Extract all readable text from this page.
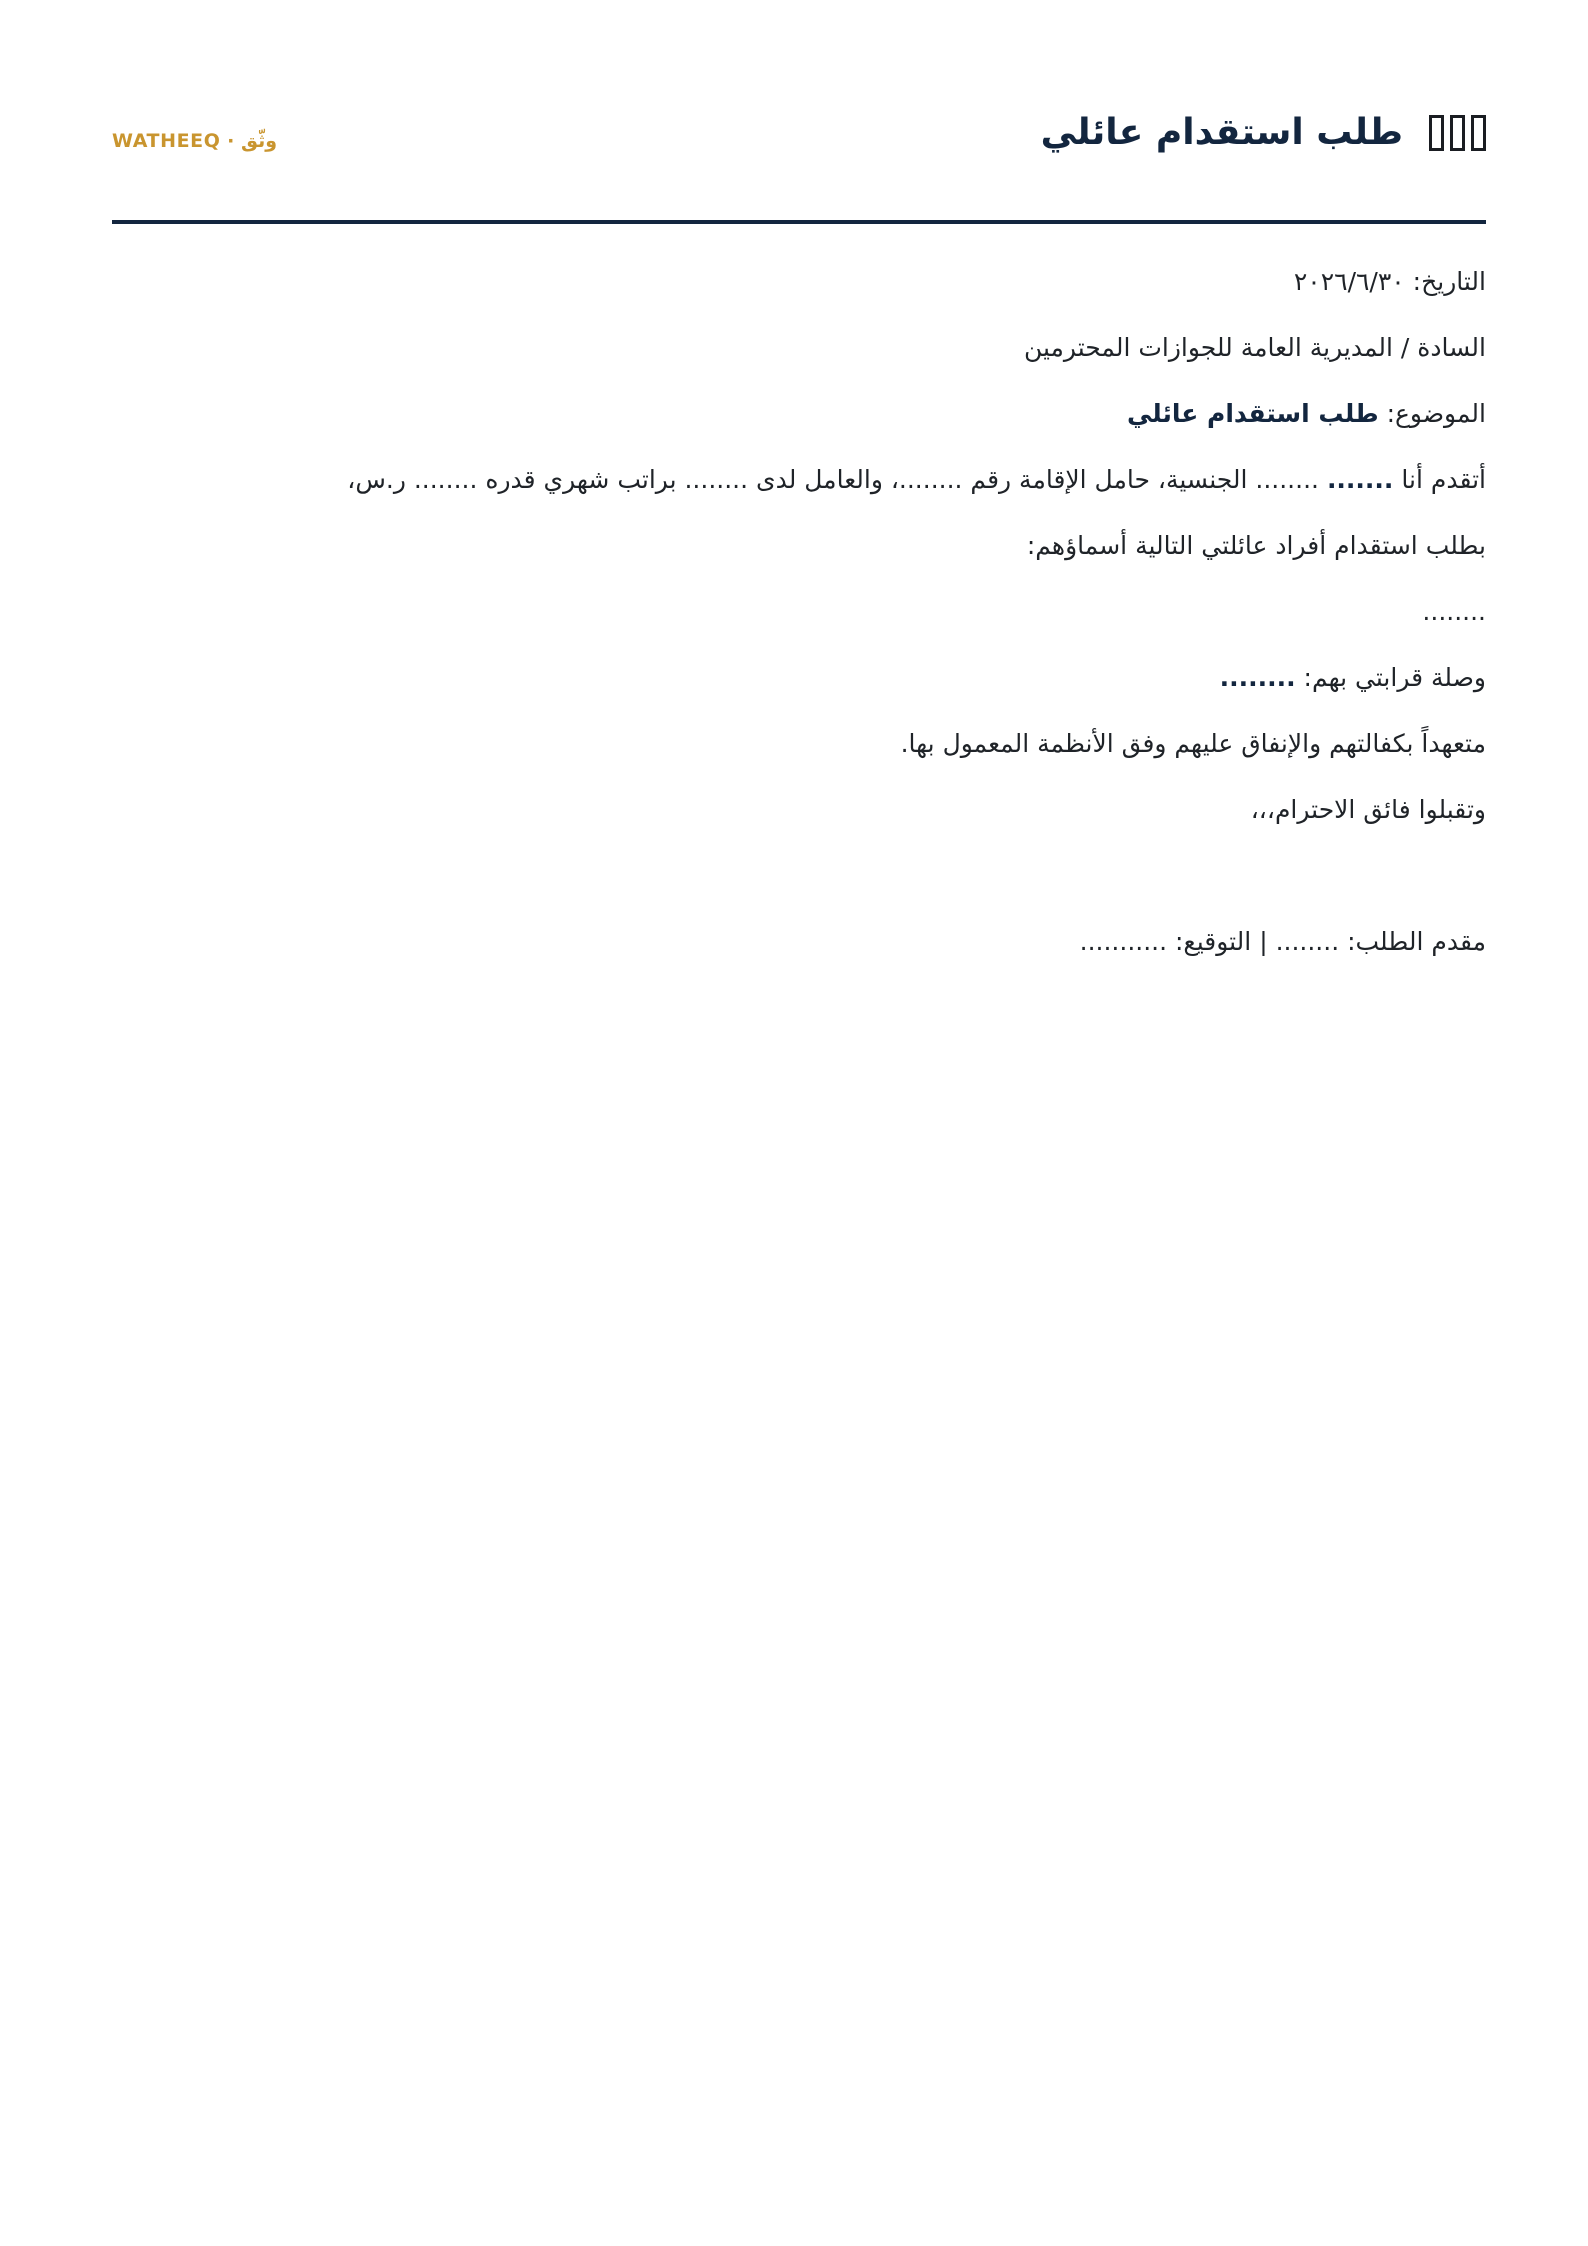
وثّق · WATHEEQ	طلب استقدام عائلي
التاريخ: ٢٠٢٦/٦/٣٠
السادة / المديرية العامة للجوازات المحترمين
الموضوع: طلب استقدام عائلي
أتقدم أنا ....... ........ الجنسية، حامل الإقامة رقم ........، والعامل لدى ........ براتب شهري قدره ........ ر.س،
بطلب استقدام أفراد عائلتي التالية أسماؤهم:
........
وصلة قرابتي بهم: ........
متعهداً بكفالتهم والإنفاق عليهم وفق الأنظمة المعمول بها.
وتقبلوا فائق الاحترام،،،
مقدم الطلب: ........ | التوقيع: ...........
